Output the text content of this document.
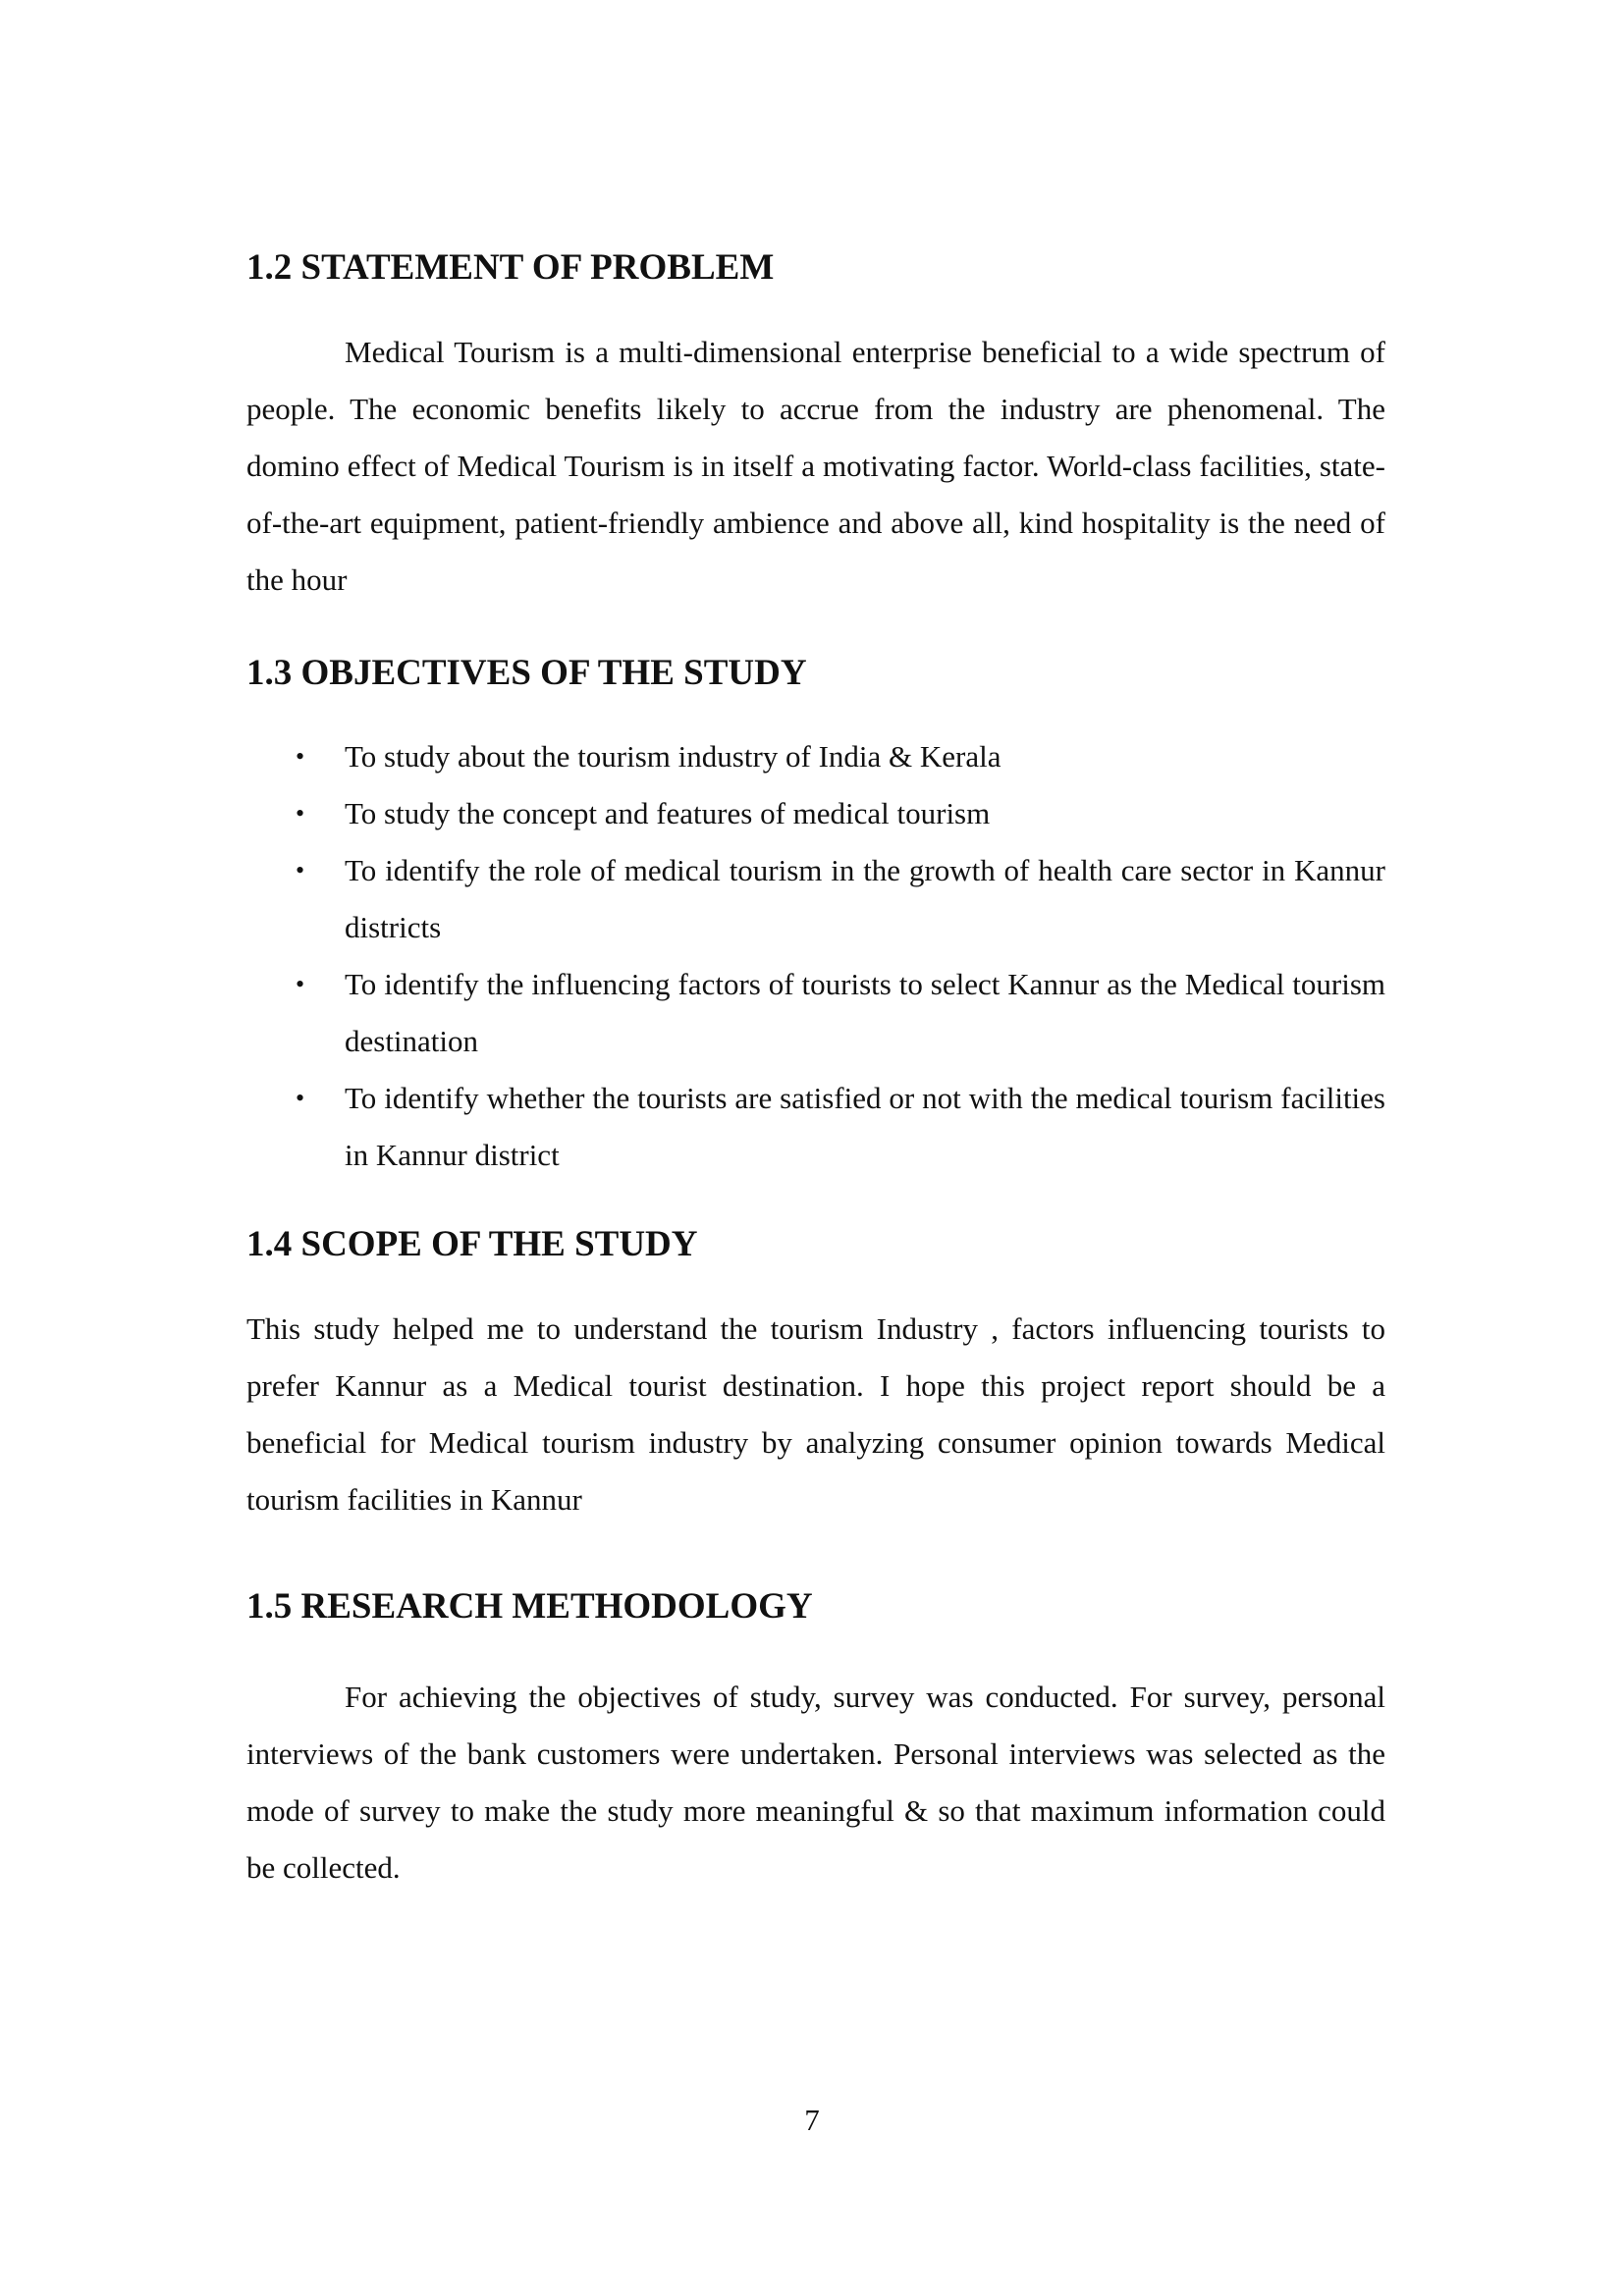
1.2 STATEMENT OF PROBLEM

Medical Tourism is a multi-dimensional enterprise beneficial to a wide spectrum of people. The economic benefits likely to accrue from the industry are phenomenal. The domino effect of Medical Tourism is in itself a motivating factor. World-class facilities, state-of-the-art equipment, patient-friendly ambience and above all, kind hospitality is the need of the hour

1.3 OBJECTIVES OF THE STUDY
• To study about the tourism industry of India & Kerala
• To study the concept and features of medical tourism
• To identify the role of medical tourism in the growth of health care sector in Kannur districts
• To identify the influencing factors of tourists to select Kannur as the Medical tourism destination
• To identify whether the tourists are satisfied or not with the medical tourism facilities in Kannur district
1.4 SCOPE OF THE STUDY

This study helped me to understand the tourism Industry , factors influencing tourists to prefer Kannur as a Medical tourist destination. I hope this project report should be a beneficial for Medical tourism industry by analyzing consumer opinion towards Medical tourism facilities in Kannur

1.5 RESEARCH METHODOLOGY

For achieving the objectives of study, survey was conducted. For survey, personal interviews of the bank customers were undertaken. Personal interviews was selected as the mode of survey to make the study more meaningful & so that maximum information could be collected.

7
